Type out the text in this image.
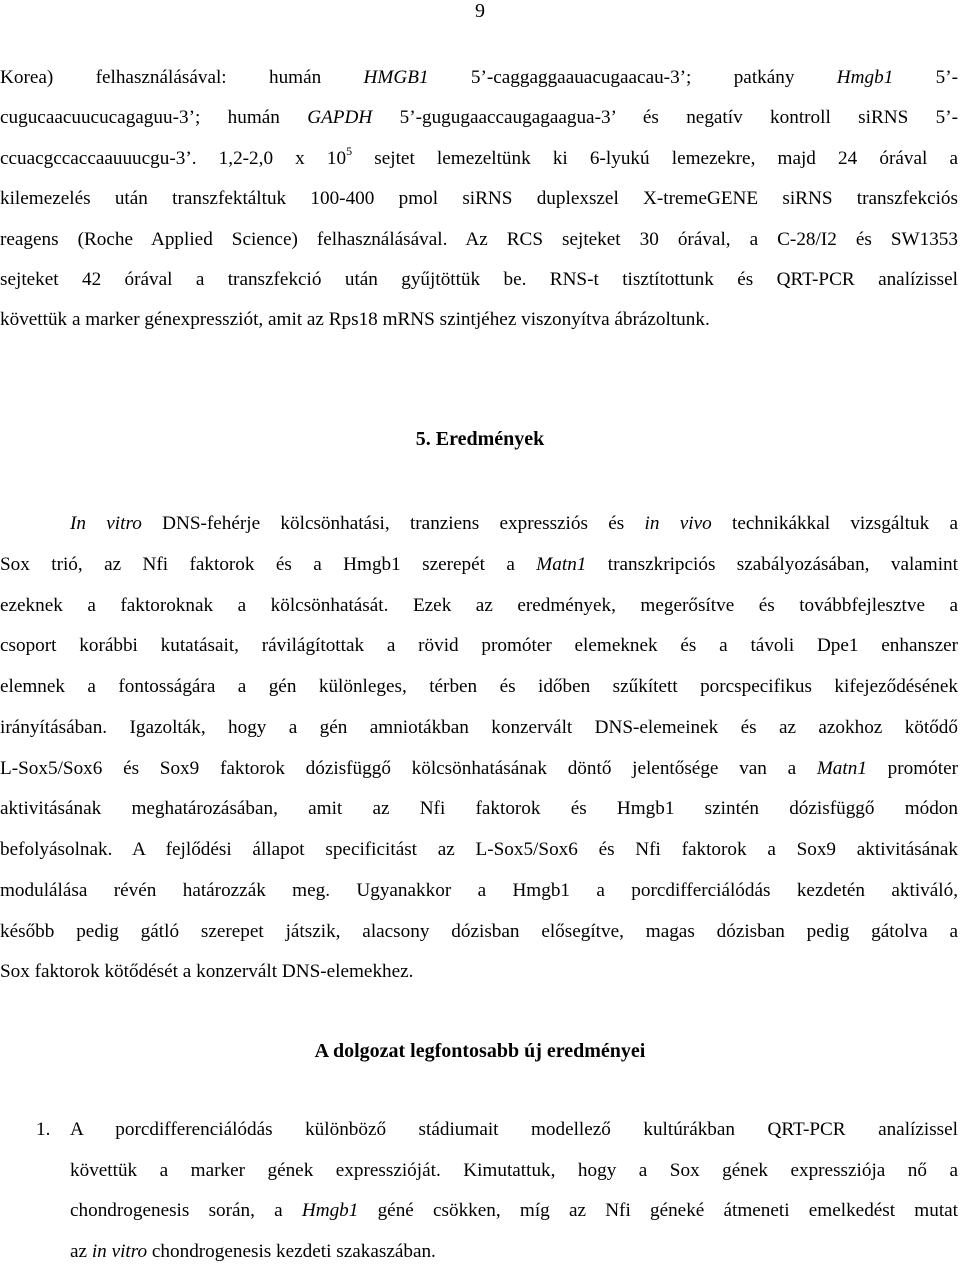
9
Korea) felhasználásával: humán HMGB1 5’-caggaggaauacugaacau-3’; patkány Hmgb1 5’-
cugucaacuucucagaguu-3’; humán GAPDH 5’-gugugaaccaugagaagua-3’ és negatív kontroll siRNS 5’-
ccuacgccaccaauuucgu-3’. 1,2-2,0 x $10^5$ sejtet lemezeltünk ki 6-lyukú lemezekre, majd 24 órával a
kilemezelés után transzfektáltuk 100-400 pmol siRNS duplexszel X-tremeGENE siRNS transzfekciós
reagens (Roche Applied Science) felhasználásával. Az RCS sejteket 30 órával, a C-28/I2 és SW1353
sejteket 42 órával a transzfekció után gyűjtöttük be. RNS-t tisztítottunk és QRT-PCR analízissel
követtük a marker génexpressziót, amit az Rps18 mRNS szintjéhez viszonyítva ábrázoltunk.
5. Eredmények
In vitro DNS-fehérje kölcsönhatási, tranziens expressziós és in vivo technikákkal vizsgáltuk a
Sox trió, az Nfi faktorok és a Hmgb1 szerepét a Matn1 transzkripciós szabályozásában, valamint
ezeknek a faktoroknak a kölcsönhatását. Ezek az eredmények, megerősítve és továbbfejlesztve a
csoport korábbi kutatásait, rávilágítottak a rövid promóter elemeknek és a távoli Dpe1 enhanszer
elemnek a fontosságára a gén különleges, térben és időben szűkített porcspecifikus kifejeződésének
irányításában. Igazolták, hogy a gén amniotákban konzervált DNS-elemeinek és az azokhoz kötődő
L-Sox5/Sox6 és Sox9 faktorok dózisfüggő kölcsönhatásának döntő jelentősége van a Matn1 promóter
aktivitásának meghatározásában, amit az Nfi faktorok és Hmgb1 szintén dózisfüggő módon
befolyásolnak. A fejlődési állapot specificitást az L-Sox5/Sox6 és Nfi faktorok a Sox9 aktivitásának
modulálása révén határozzák meg. Ugyanakkor a Hmgb1 a porcdifferciálódás kezdetén aktiváló,
később pedig gátló szerepet játszik, alacsony dózisban elősegítve, magas dózisban pedig gátolva a
Sox faktorok kötődését a konzervált DNS-elemekhez.
A dolgozat legfontosabb új eredményei
1. A porcdifferenciálódás különböző stádiumait modellező kultúrákban QRT-PCR analízissel
követtük a marker gének expresszióját. Kimutattuk, hogy a Sox gének expressziója nő a
chondrogenesis során, a Hmgb1 géné csökken, míg az Nfi géneké átmeneti emelkedést mutat
az in vitro chondrogenesis kezdeti szakaszában.
